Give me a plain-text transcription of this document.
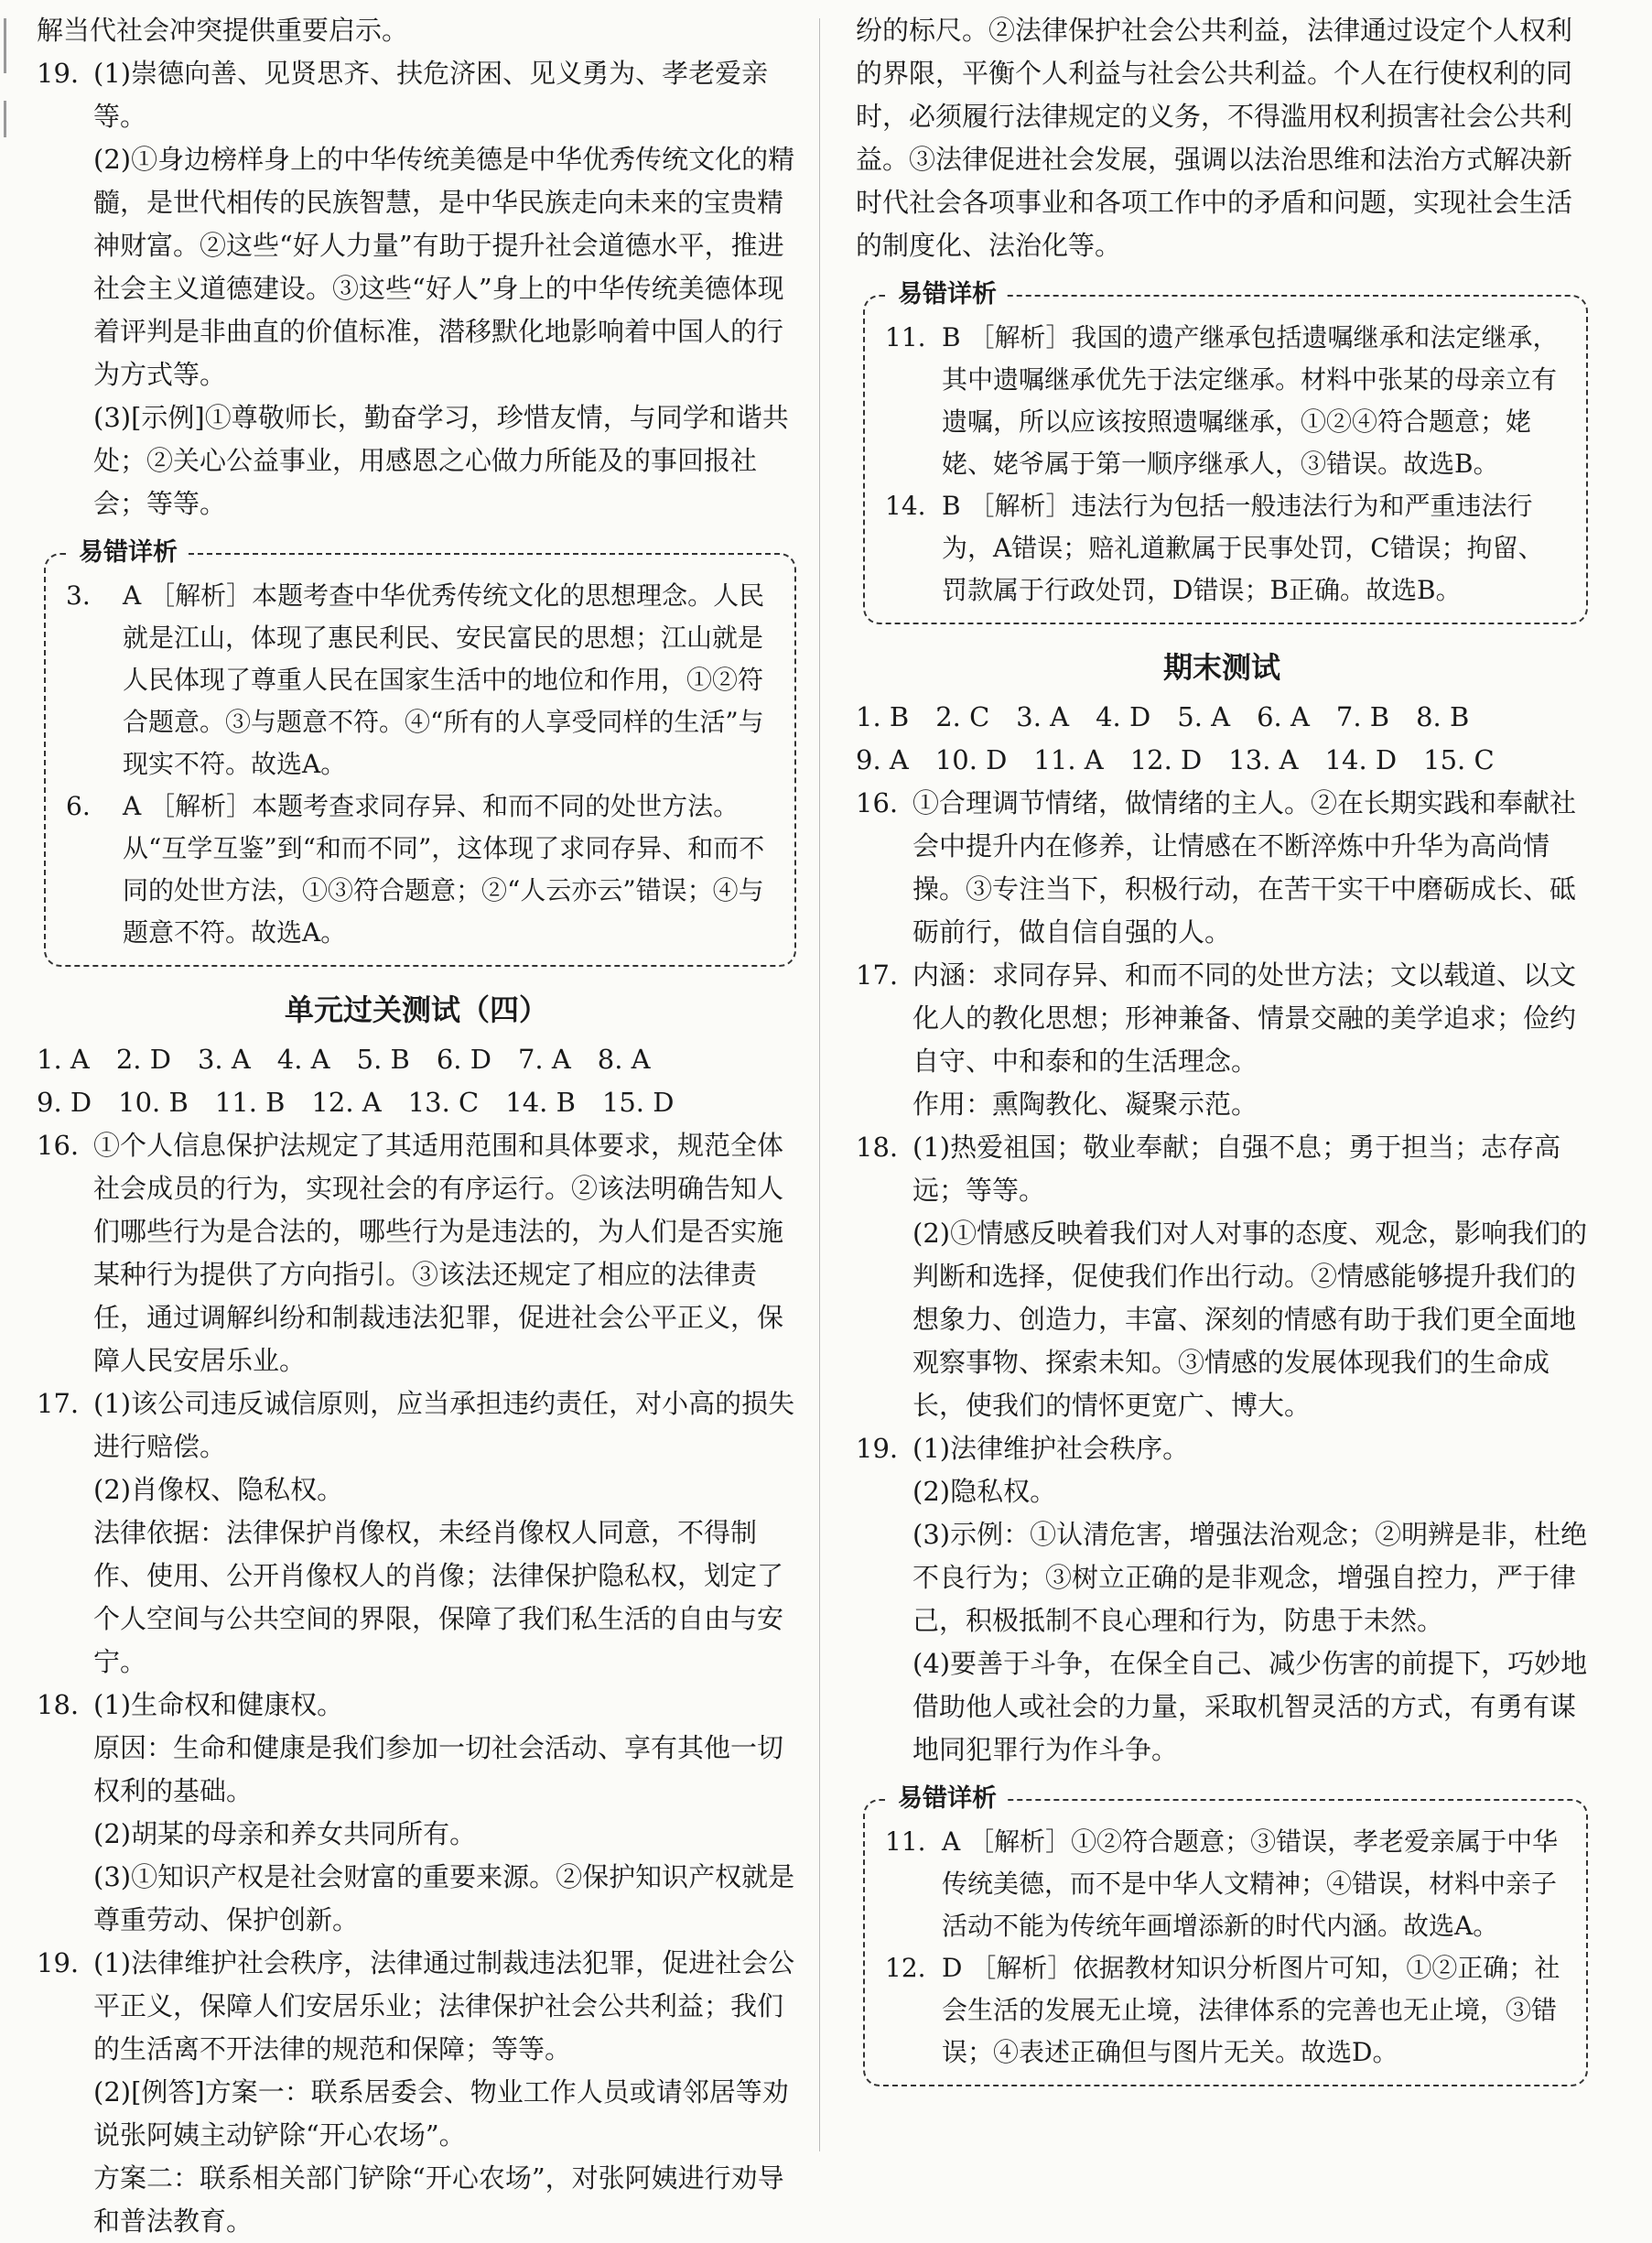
解当代社会冲突提供重要启示。

19. (1)崇德向善、见贤思齐、扶危济困、见义勇为、孝老爱亲等。
(2)①身边榜样身上的中华传统美德是中华优秀传统文化的精髓，是世代相传的民族智慧，是中华民族走向未来的宝贵精神财富。②这些“好人力量”有助于提升社会道德水平，推进社会主义道德建设。③这些“好人”身上的中华传统美德体现着评判是非曲直的价值标准，潜移默化地影响着中国人的行为方式等。
(3)[示例]①尊敬师长，勤奋学习，珍惜友情，与同学和谐共处；②关心公益事业，用感恩之心做力所能及的事回报社会；等等。
易错详析
3.	A ［解析］本题考查中华优秀传统文化的思想理念。人民就是江山，体现了惠民利民、安民富民的思想；江山就是人民体现了尊重人民在国家生活中的地位和作用，①②符合题意。③与题意不符。④“所有的人享受同样的生活”与现实不符。故选A。
6.	A ［解析］本题考查求同存异、和而不同的处世方法。从“互学互鉴”到“和而不同”，这体现了求同存异、和而不同的处世方法，①③符合题意；②“人云亦云”错误；④与题意不符。故选A。
单元过关测试（四）
1. A　2. D　3. A　4. A　5. B　6. D　7. A　8. A
9. D　10. B　11. B　12. A　13. C　14. B　15. D
16. ①个人信息保护法规定了其适用范围和具体要求，规范全体社会成员的行为，实现社会的有序运行。②该法明确告知人们哪些行为是合法的，哪些行为是违法的，为人们是否实施某种行为提供了方向指引。③该法还规定了相应的法律责任，通过调解纠纷和制裁违法犯罪，促进社会公平正义，保障人民安居乐业。
17. (1)该公司违反诚信原则，应当承担违约责任，对小高的损失进行赔偿。
(2)肖像权、隐私权。
法律依据：法律保护肖像权，未经肖像权人同意，不得制作、使用、公开肖像权人的肖像；法律保护隐私权，划定了个人空间与公共空间的界限，保障了我们私生活的自由与安宁。
18. (1)生命权和健康权。
原因：生命和健康是我们参加一切社会活动、享有其他一切权利的基础。
(2)胡某的母亲和养女共同所有。
(3)①知识产权是社会财富的重要来源。②保护知识产权就是尊重劳动、保护创新。
19. (1)法律维护社会秩序，法律通过制裁违法犯罪，促进社会公平正义，保障人们安居乐业；法律保护社会公共利益；我们的生活离不开法律的规范和保障；等等。
(2)[例答]方案一：联系居委会、物业工作人员或请邻居等劝说张阿姨主动铲除“开心农场”。
方案二：联系相关部门铲除“开心农场”，对张阿姨进行劝导和普法教育。

纷的标尺。②法律保护社会公共利益，法律通过设定个人权利的界限，平衡个人利益与社会公共利益。个人在行使权利的同时，必须履行法律规定的义务，不得滥用权利损害社会公共利益。③法律促进社会发展，强调以法治思维和法治方式解决新时代社会各项事业和各项工作中的矛盾和问题，实现社会生活的制度化、法治化等。

易错详析
11. B ［解析］我国的遗产继承包括遗嘱继承和法定继承，其中遗嘱继承优先于法定继承。材料中张某的母亲立有遗嘱，所以应该按照遗嘱继承，①②④符合题意；姥姥、姥爷属于第一顺序继承人，③错误。故选B。
14. B ［解析］违法行为包括一般违法行为和严重违法行为，A错误；赔礼道歉属于民事处罚，C错误；拘留、罚款属于行政处罚，D错误；B正确。故选B。
期末测试
1. B　2. C　3. A　4. D　5. A　6. A　7. B　8. B
9. A　10. D　11. A　12. D　13. A　14. D　15. C
16. ①合理调节情绪，做情绪的主人。②在长期实践和奉献社会中提升内在修养，让情感在不断淬炼中升华为高尚情操。③专注当下，积极行动，在苦干实干中磨砺成长、砥砺前行，做自信自强的人。
17. 内涵：求同存异、和而不同的处世方法；文以载道、以文化人的教化思想；形神兼备、情景交融的美学追求；俭约自守、中和泰和的生活理念。
作用：熏陶教化、凝聚示范。
18. (1)热爱祖国；敬业奉献；自强不息；勇于担当；志存高远；等等。
(2)①情感反映着我们对人对事的态度、观念，影响我们的判断和选择，促使我们作出行动。②情感能够提升我们的想象力、创造力，丰富、深刻的情感有助于我们更全面地观察事物、探索未知。③情感的发展体现我们的生命成长，使我们的情怀更宽广、博大。
19. (1)法律维护社会秩序。
(2)隐私权。
(3)示例：①认清危害，增强法治观念；②明辨是非，杜绝不良行为；③树立正确的是非观念，增强自控力，严于律己，积极抵制不良心理和行为，防患于未然。
(4)要善于斗争，在保全自己、减少伤害的前提下，巧妙地借助他人或社会的力量，采取机智灵活的方式，有勇有谋地同犯罪行为作斗争。
易错详析
11. A ［解析］①②符合题意；③错误，孝老爱亲属于中华传统美德，而不是中华人文精神；④错误，材料中亲子活动不能为传统年画增添新的时代内涵。故选A。
12. D ［解析］依据教材知识分析图片可知，①②正确；社会生活的发展无止境，法律体系的完善也无止境，③错误；④表述正确但与图片无关。故选D。
